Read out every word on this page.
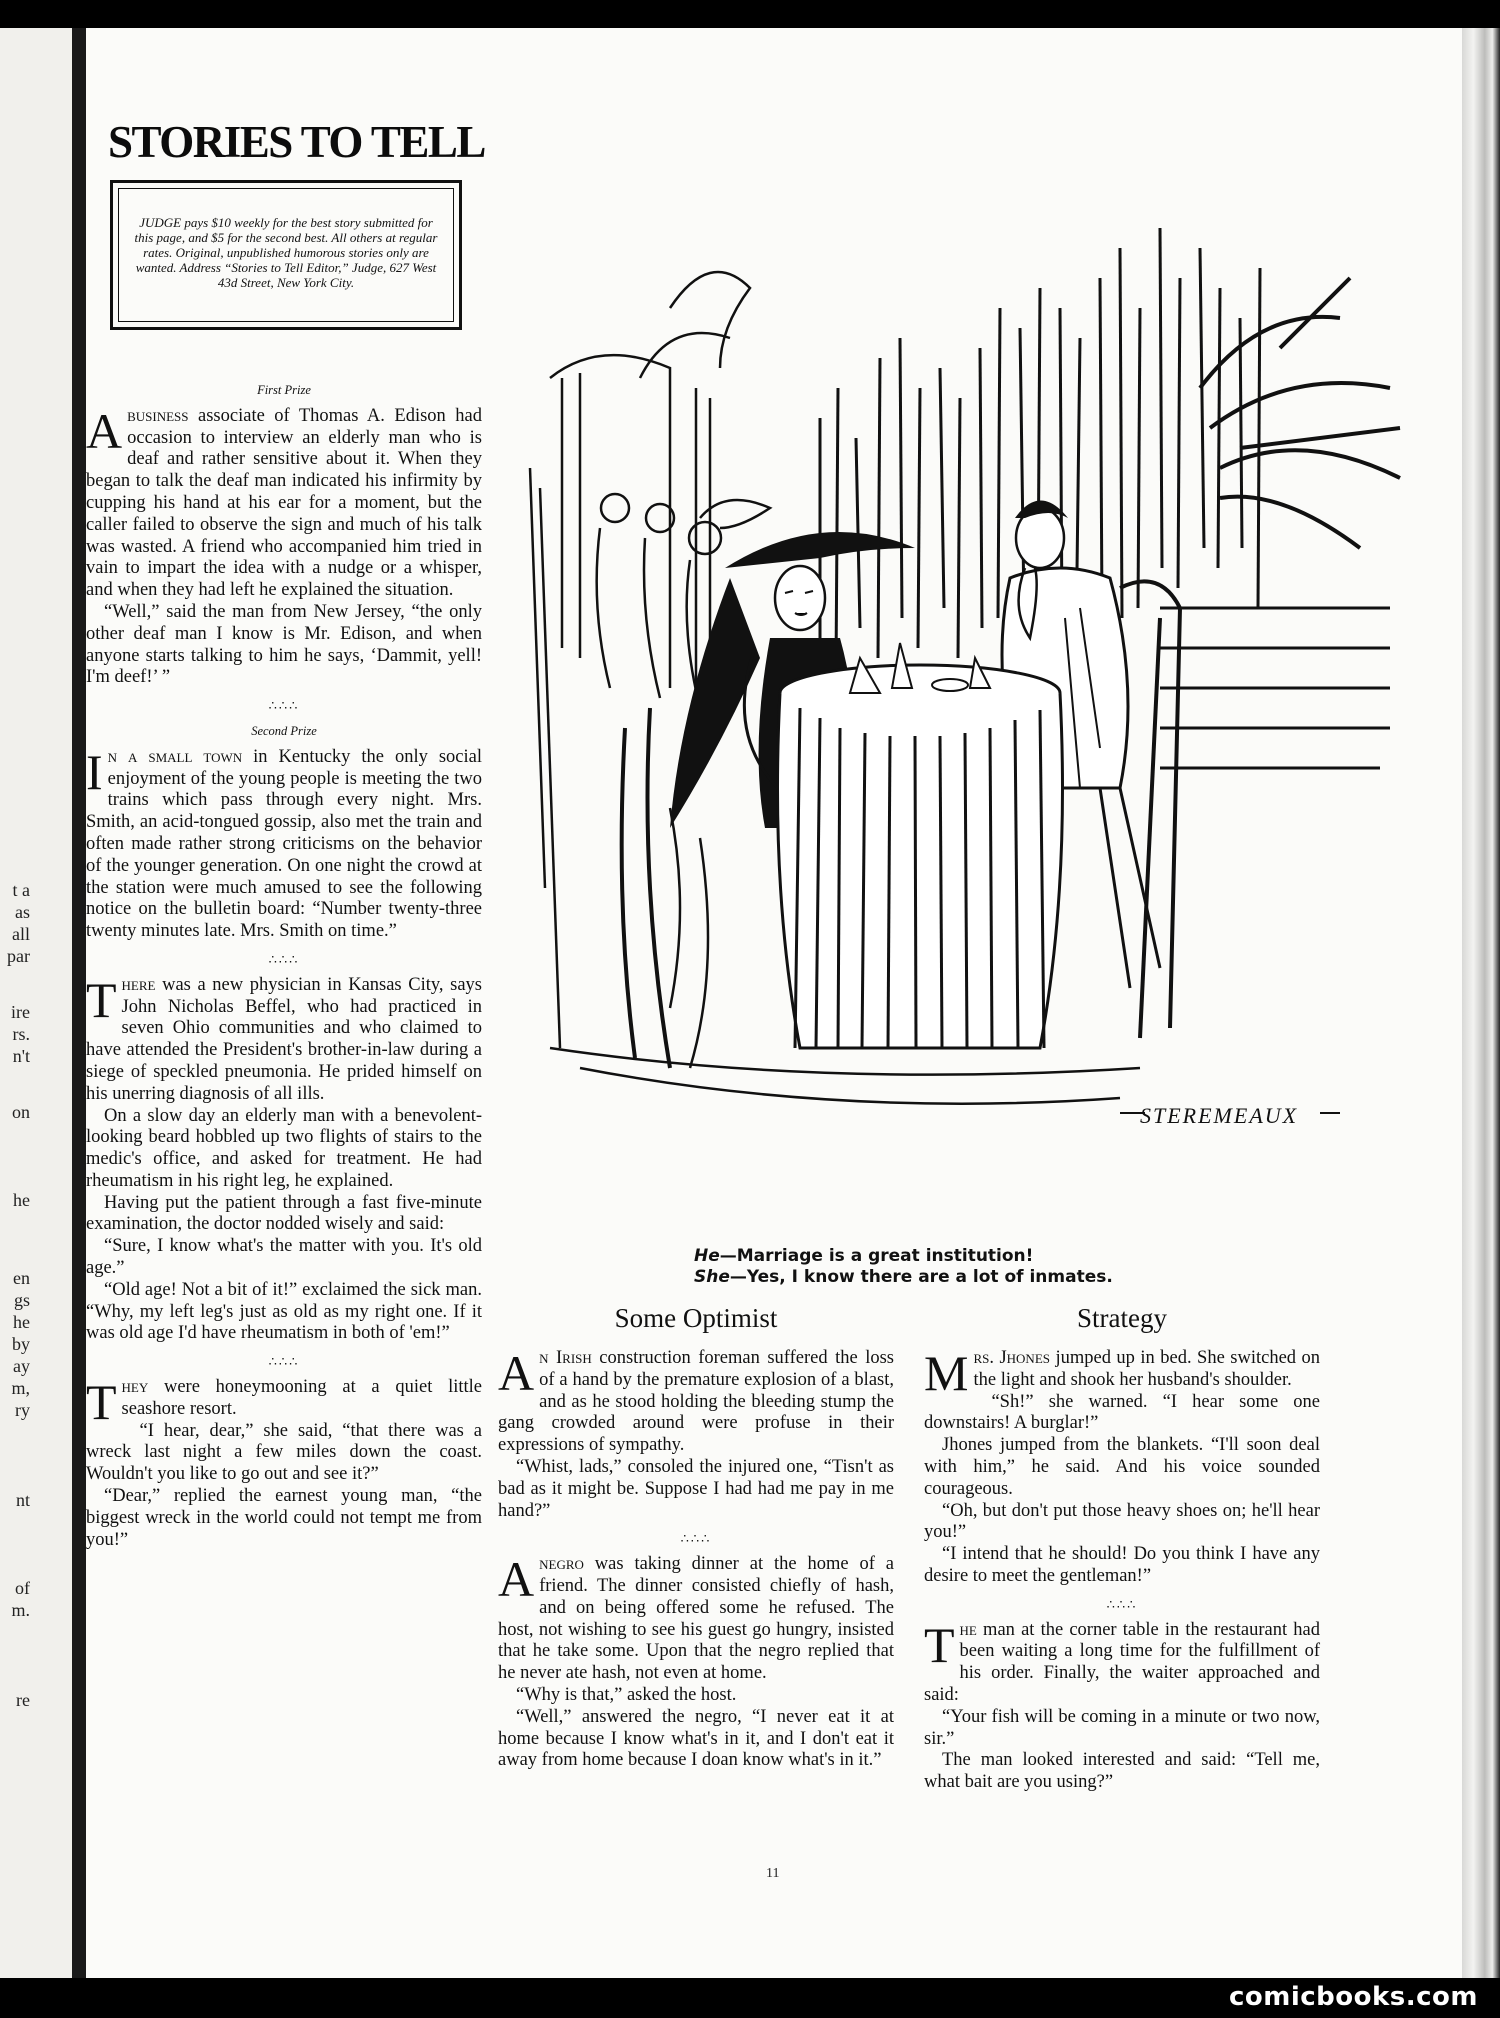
t a
as
all
par
ire
rs.
n't
on
he
en
gs
he
by
ay
m,
ry
nt
of
m.
re
STORIES TO TELL
JUDGE pays $10 weekly for the best story submitted for this page, and $5 for the second best. All others at regular rates. Original, unpublished humorous stories only are wanted. Address “Stories to Tell Editor,” Judge, 627 West 43d Street, New York City.
First Prize

Abusiness associate of Thomas A. Edison had occasion to interview an elderly man who is deaf and rather sensitive about it. When they began to talk the deaf man indicated his infirmity by cupping his hand at his ear for a moment, but the caller failed to observe the sign and much of his talk was wasted. A friend who accompanied him tried in vain to impart the idea with a nudge or a whisper, and when they had left he explained the situation.

“Well,” said the man from New Jersey, “the only other deaf man I know is Mr. Edison, and when anyone starts talking to him he says, ‘Dammit, yell! I'm deef!’ ”

∴∴∴
Second Prize

In a small town in Kentucky the only social enjoyment of the young people is meeting the two trains which pass through every night. Mrs. Smith, an acid-tongued gossip, also met the train and often made rather strong criticisms on the behavior of the younger generation. On one night the crowd at the station were much amused to see the following notice on the bulletin board: “Number twenty-three twenty minutes late. Mrs. Smith on time.”

∴∴∴

There was a new physician in Kansas City, says John Nicholas Beffel, who had practiced in seven Ohio communities and who claimed to have attended the President's brother-in-law during a siege of speckled pneumonia. He prided himself on his unerring diagnosis of all ills.

On a slow day an elderly man with a benevolent-looking beard hobbled up two flights of stairs to the medic's office, and asked for treatment. He had rheumatism in his right leg, he explained.

Having put the patient through a fast five-minute examination, the doctor nodded wisely and said:

“Sure, I know what's the matter with you. It's old age.”

“Old age! Not a bit of it!” exclaimed the sick man. “Why, my left leg's just as old as my right one. If it was old age I'd have rheumatism in both of 'em!”

∴∴∴

They were honeymooning at a quiet little seashore resort.

“I hear, dear,” she said, “that there was a wreck last night a few miles down the coast. Wouldn't you like to go out and see it?”

“Dear,” replied the earnest young man, “the biggest wreck in the world could not tempt me from you!”

STEREMEAUX
He—Marriage is a great institution!
She—Yes, I know there are a lot of inmates.
Some Optimist

An Irish construction foreman suffered the loss of a hand by the premature explosion of a blast, and as he stood holding the bleeding stump the gang crowded around were profuse in their expressions of sympathy.

“Whist, lads,” consoled the injured one, “Tisn't as bad as it might be. Suppose I had had me pay in me hand?”

∴∴∴

Anegro was taking dinner at the home of a friend. The dinner consisted chiefly of hash, and on being offered some he refused. The host, not wishing to see his guest go hungry, insisted that he take some. Upon that the negro replied that he never ate hash, not even at home.

“Why is that,” asked the host.

“Well,” answered the negro, “I never eat it at home because I know what's in it, and I don't eat it away from home because I doan know what's in it.”

Strategy

Mrs. Jhones jumped up in bed. She switched on the light and shook her husband's shoulder.

“Sh!” she warned. “I hear some one downstairs! A burglar!”

Jhones jumped from the blankets. “I'll soon deal with him,” he said. And his voice sounded courageous.

“Oh, but don't put those heavy shoes on; he'll hear you!”

“I intend that he should! Do you think I have any desire to meet the gentleman!”

∴∴∴

The man at the corner table in the restaurant had been waiting a long time for the fulfillment of his order. Finally, the waiter approached and said:

“Your fish will be coming in a minute or two now, sir.”

The man looked interested and said: “Tell me, what bait are you using?”

11
comicbooks.com
